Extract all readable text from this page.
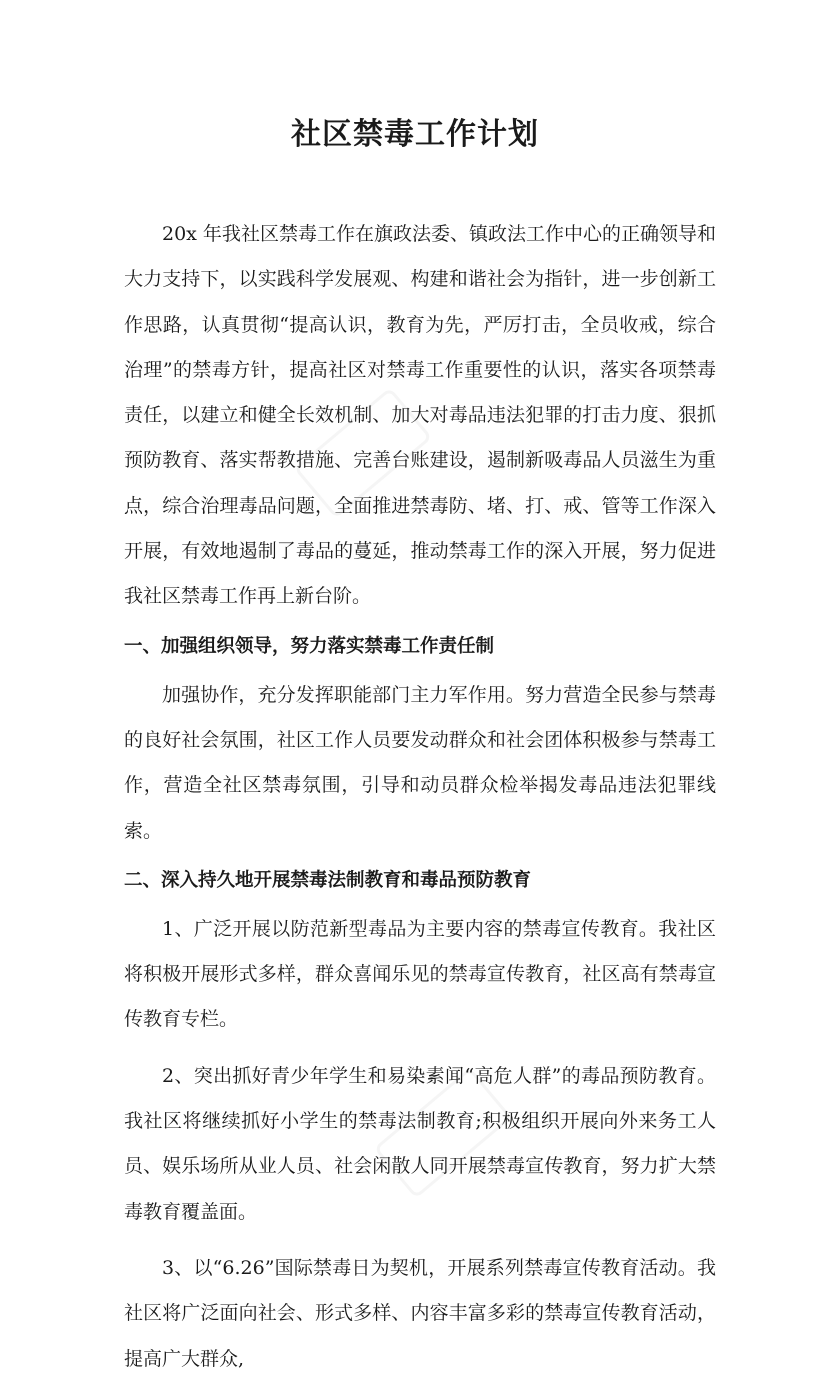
社区禁毒工作计划

20x 年我社区禁毒工作在旗政法委、镇政法工作中心的正确领导和大力支持下，以实践科学发展观、构建和谐社会为指针，进一步创新工作思路，认真贯彻“提高认识，教育为先，严厉打击，全员收戒，综合治理”的禁毒方针，提高社区对禁毒工作重要性的认识，落实各项禁毒责任，以建立和健全长效机制、加大对毒品违法犯罪的打击力度、狠抓预防教育、落实帮教措施、完善台账建设，遏制新吸毒品人员滋生为重点，综合治理毒品问题，全面推进禁毒防、堵、打、戒、管等工作深入开展，有效地遏制了毒品的蔓延，推动禁毒工作的深入开展，努力促进我社区禁毒工作再上新台阶。

一、加强组织领导，努力落实禁毒工作责任制

加强协作，充分发挥职能部门主力军作用。努力营造全民参与禁毒的良好社会氛围，社区工作人员要发动群众和社会团体积极参与禁毒工作，营造全社区禁毒氛围，引导和动员群众检举揭发毒品违法犯罪线索。

二、深入持久地开展禁毒法制教育和毒品预防教育

1、广泛开展以防范新型毒品为主要内容的禁毒宣传教育。我社区将积极开展形式多样，群众喜闻乐见的禁毒宣传教育，社区高有禁毒宣传教育专栏。

2、突出抓好青少年学生和易染素闻“高危人群”的毒品预防教育。我社区将继续抓好小学生的禁毒法制教育;积极组织开展向外来务工人员、娱乐场所从业人员、社会闲散人同开展禁毒宣传教育，努力扩大禁毒教育覆盖面。

3、以“6.26”国际禁毒日为契机，开展系列禁毒宣传教育活动。我社区将广泛面向社会、形式多样、内容丰富多彩的禁毒宣传教育活动，提高广大群众,
